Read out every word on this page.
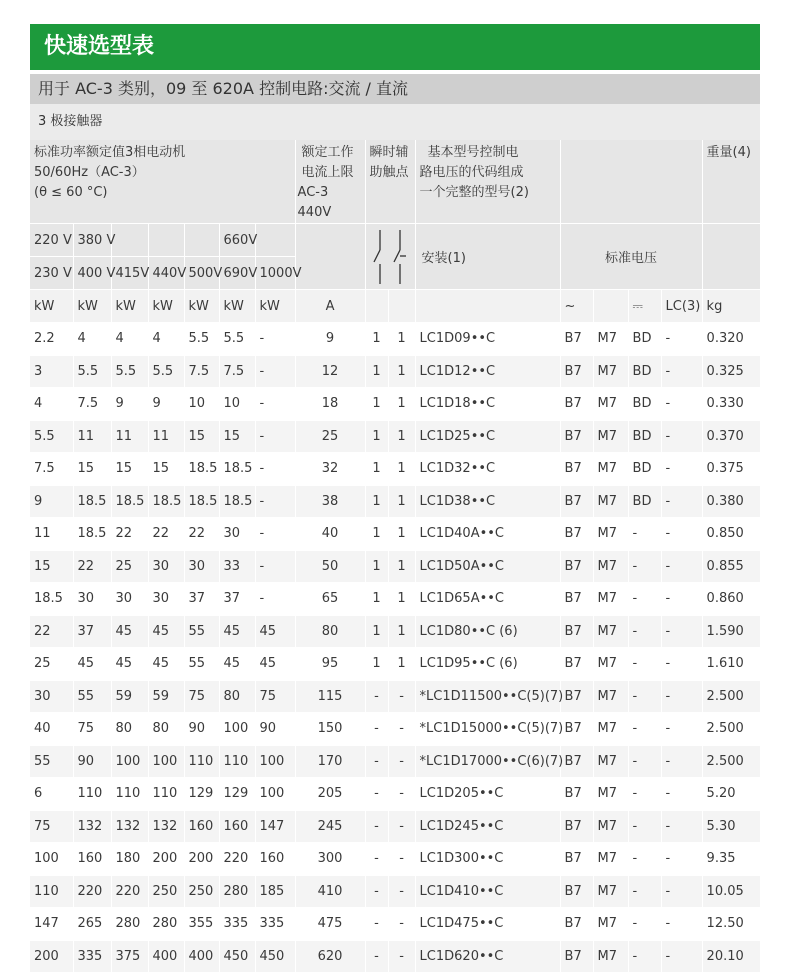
快速选型表
用于 AC-3 类别，09 至 620A 控制电路:交流 / 直流
3 极接触器
标准功率额定值3相电动机
50/60Hz（AC-3）
(θ ≤ 60 °C)							额定工作
电流上限
AC-3 440V	瞬时辅
助触点		基本型号控制电
路电压的代码组成
一个完整的型号(2)					重量(4)
220 V	380 V				660V					安装(1)	标准电压				
230 V	400 V	415V	440V	500V	690V	1000V									
kW	kW	kW	kW	kW	kW	kW	A				~		⎓	LC(3)	kg
2.2	4	4	4	5.5	5.5	-	9	1	1	LC1D09••C	B7	M7	BD	-	0.320
3	5.5	5.5	5.5	7.5	7.5	-	12	1	1	LC1D12••C	B7	M7	BD	-	0.325
4	7.5	9	9	10	10	-	18	1	1	LC1D18••C	B7	M7	BD	-	0.330
5.5	11	11	11	15	15	-	25	1	1	LC1D25••C	B7	M7	BD	-	0.370
7.5	15	15	15	18.5	18.5	-	32	1	1	LC1D32••C	B7	M7	BD	-	0.375
9	18.5	18.5	18.5	18.5	18.5	-	38	1	1	LC1D38••C	B7	M7	BD	-	0.380
11	18.5	22	22	22	30	-	40	1	1	LC1D40A••C	B7	M7	-	-	0.850
15	22	25	30	30	33	-	50	1	1	LC1D50A••C	B7	M7	-	-	0.855
18.5	30	30	30	37	37	-	65	1	1	LC1D65A••C	B7	M7	-	-	0.860
22	37	45	45	55	45	45	80	1	1	LC1D80••C (6)	B7	M7	-	-	1.590
25	45	45	45	55	45	45	95	1	1	LC1D95••C (6)	B7	M7	-	-	1.610
30	55	59	59	75	80	75	115	-	-	*LC1D11500••C(5)(7)	B7	M7	-	-	2.500
40	75	80	80	90	100	90	150	-	-	*LC1D15000••C(5)(7)	B7	M7	-	-	2.500
55	90	100	100	110	110	100	170	-	-	*LC1D17000••C(6)(7)	B7	M7	-	-	2.500
6	110	110	110	129	129	100	205	-	-	LC1D205••C	B7	M7	-	-	5.20
75	132	132	132	160	160	147	245	-	-	LC1D245••C	B7	M7	-	-	5.30
100	160	180	200	200	220	160	300	-	-	LC1D300••C	B7	M7	-	-	9.35
110	220	220	250	250	280	185	410	-	-	LC1D410••C	B7	M7	-	-	10.05
147	265	280	280	355	335	335	475	-	-	LC1D475••C	B7	M7	-	-	12.50
200	335	375	400	400	450	450	620	-	-	LC1D620••C	B7	M7	-	-	20.10
